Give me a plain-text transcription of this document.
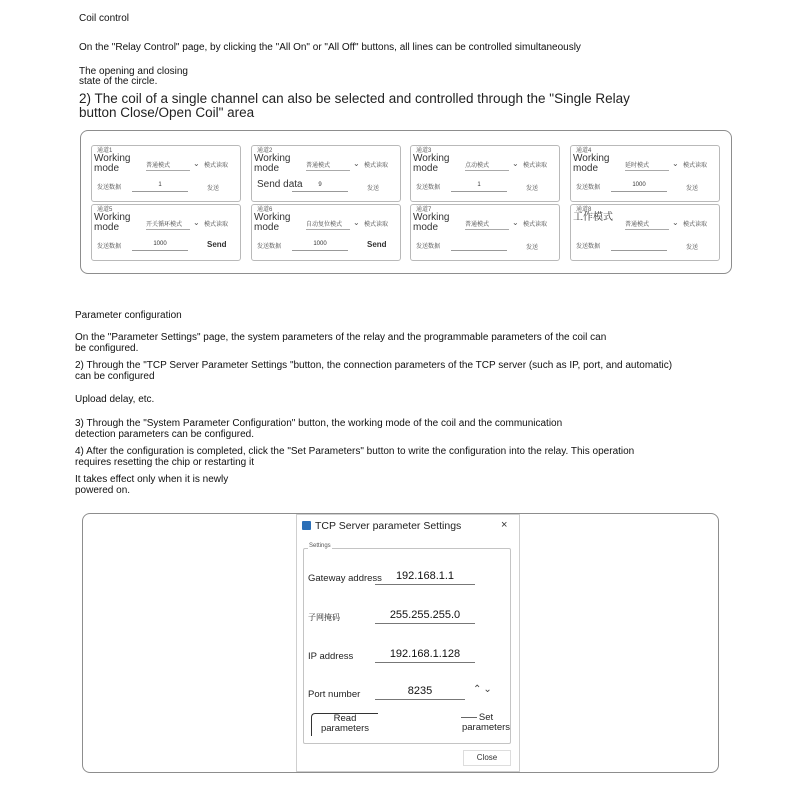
Coil control

On the "Relay Control" page, by clicking the "All On" or "All Off" buttons, all lines can be controlled simultaneously

The opening and closing

state of the circle.

2) The coil of a single channel can also be selected and controlled through the "Single Relay

button Close/Open Coil" area

通道1
Working mode	普通模式	⌄ 模式读取
发送数据	1
发送
通道2
Working mode	普通模式	⌄ 模式读取
Send data	9
发送
通道3
Working mode	点动模式	⌄ 模式读取
发送数据	1
发送
通道4
Working mode	延时模式	⌄ 模式读取
发送数据	1000
发送
通道5
Working mode	开关循环模式	⌄ 模式读取
发送数据	1000	Send
通道6
Working mode	自动复位模式	⌄ 模式读取
发送数据	1000	Send
通道7
Working mode	普通模式	⌄ 模式读取
发送数据	发送
通道8
工作模式
普通模式	⌄ 模式读取
发送数据	发送

Parameter configuration

On the "Parameter Settings" page, the system parameters of the relay and the programmable parameters of the coil can

be configured.

2) Through the "TCP Server Parameter Settings "button, the connection parameters of the TCP server (such as IP, port, and automatic)

can be configured

Upload delay, etc.

3) Through the "System Parameter Configuration" button, the working mode of the coil and the communication

detection parameters can be configured.

4) After the configuration is completed, click the "Set Parameters" button to write the configuration into the relay. This operation

requires resetting the chip or restarting it

It takes effect only when it is newly

powered on.

TCP Server parameter Settings	×
Settings
Gateway address	192.168.1.1
子网掩码	255.255.255.0
IP address	192.168.1.128
Port number	8235	⌃⌄
Read parameters
Set parameters
Close
